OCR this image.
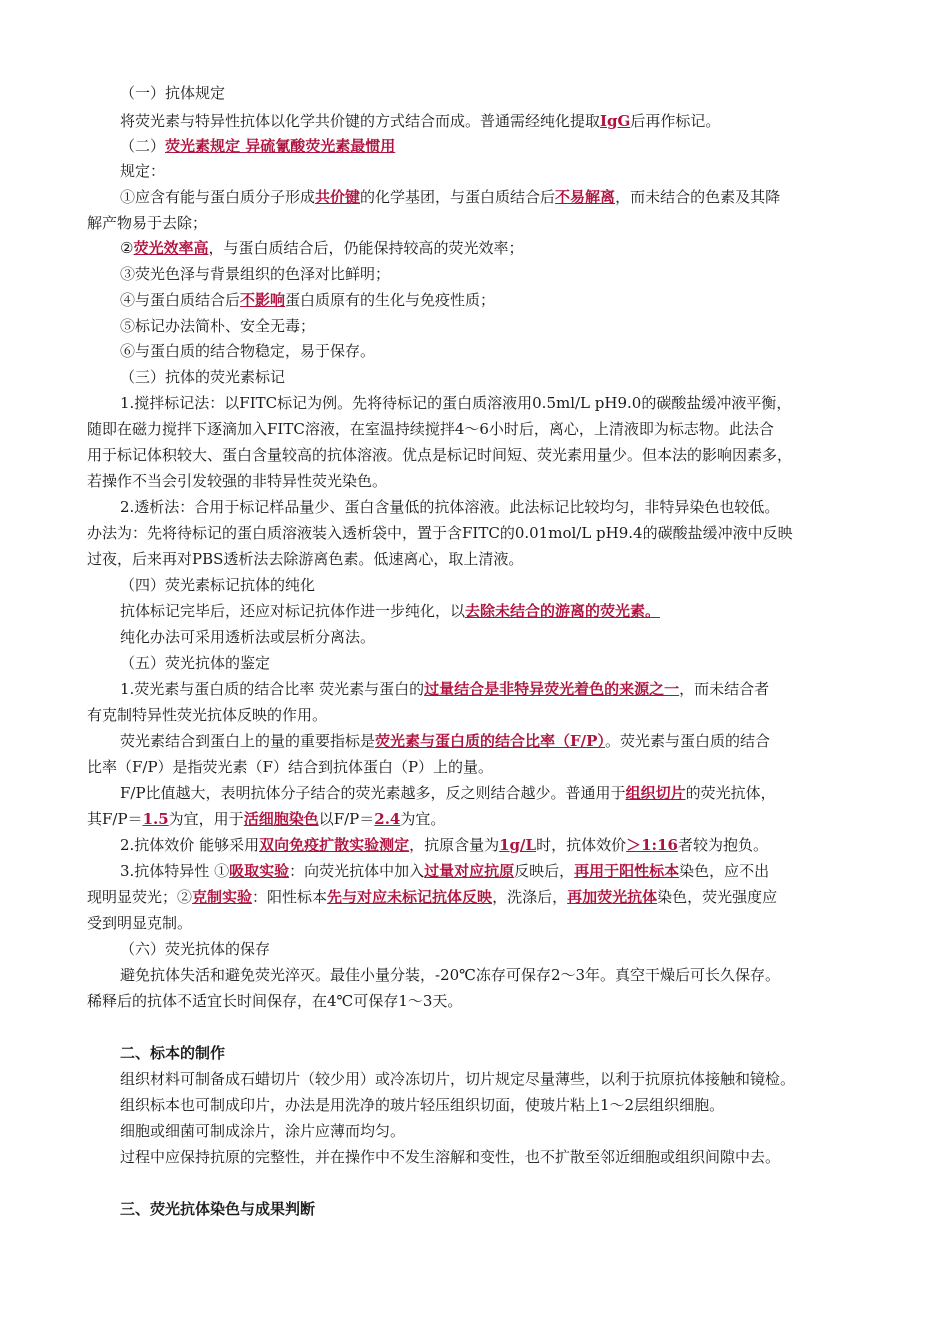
（一）抗体规定
将荧光素与特异性抗体以化学共价键的方式结合而成。普通需经纯化提取IgG后再作标记。
（二）荧光素规定 异硫氰酸荧光素最惯用
规定：
①应含有能与蛋白质分子形成共价键的化学基团，与蛋白质结合后不易解离，而未结合的色素及其降
解产物易于去除；
②荧光效率高，与蛋白质结合后，仍能保持较高的荧光效率；
③荧光色泽与背景组织的色泽对比鲜明；
④与蛋白质结合后不影响蛋白质原有的生化与免疫性质；
⑤标记办法简朴、安全无毒；
⑥与蛋白质的结合物稳定，易于保存。
（三）抗体的荧光素标记
1.搅拌标记法：以FITC标记为例。先将待标记的蛋白质溶液用0.5ml/L pH9.0的碳酸盐缓冲液平衡，
随即在磁力搅拌下逐滴加入FITC溶液，在室温持续搅拌4～6小时后，离心，上清液即为标志物。此法合
用于标记体积较大、蛋白含量较高的抗体溶液。优点是标记时间短、荧光素用量少。但本法的影响因素多，
若操作不当会引发较强的非特异性荧光染色。
2.透析法：合用于标记样品量少、蛋白含量低的抗体溶液。此法标记比较均匀，非特异染色也较低。
办法为：先将待标记的蛋白质溶液装入透析袋中，置于含FITC的0.01mol/L pH9.4的碳酸盐缓冲液中反映
过夜，后来再对PBS透析法去除游离色素。低速离心，取上清液。
（四）荧光素标记抗体的纯化
抗体标记完毕后，还应对标记抗体作进一步纯化，以去除未结合的游离的荧光素。
纯化办法可采用透析法或层析分离法。
（五）荧光抗体的鉴定
1.荧光素与蛋白质的结合比率 荧光素与蛋白的过量结合是非特异荧光着色的来源之一，而未结合者
有克制特异性荧光抗体反映的作用。
荧光素结合到蛋白上的量的重要指标是荧光素与蛋白质的结合比率（F/P）。荧光素与蛋白质的结合
比率（F/P）是指荧光素（F）结合到抗体蛋白（P）上的量。
F/P比值越大，表明抗体分子结合的荧光素越多，反之则结合越少。普通用于组织切片的荧光抗体，
其F/P＝1.5为宜，用于活细胞染色以F/P＝2.4为宜。
2.抗体效价 能够采用双向免疫扩散实验测定，抗原含量为1g/L时，抗体效价＞1:16者较为抱负。
3.抗体特异性 ①吸取实验：向荧光抗体中加入过量对应抗原反映后，再用于阳性标本染色，应不出
现明显荧光；②克制实验：阳性标本先与对应未标记抗体反映，洗涤后，再加荧光抗体染色，荧光强度应
受到明显克制。
（六）荧光抗体的保存
避免抗体失活和避免荧光淬灭。最佳小量分装，-20℃冻存可保存2～3年。真空干燥后可长久保存。
稀释后的抗体不适宜长时间保存，在4℃可保存1～3天。
二、标本的制作
组织材料可制备成石蜡切片（较少用）或冷冻切片，切片规定尽量薄些，以利于抗原抗体接触和镜检。
组织标本也可制成印片，办法是用洗净的玻片轻压组织切面，使玻片粘上1～2层组织细胞。
细胞或细菌可制成涂片，涂片应薄而均匀。
过程中应保持抗原的完整性，并在操作中不发生溶解和变性，也不扩散至邻近细胞或组织间隙中去。
三、荧光抗体染色与成果判断
